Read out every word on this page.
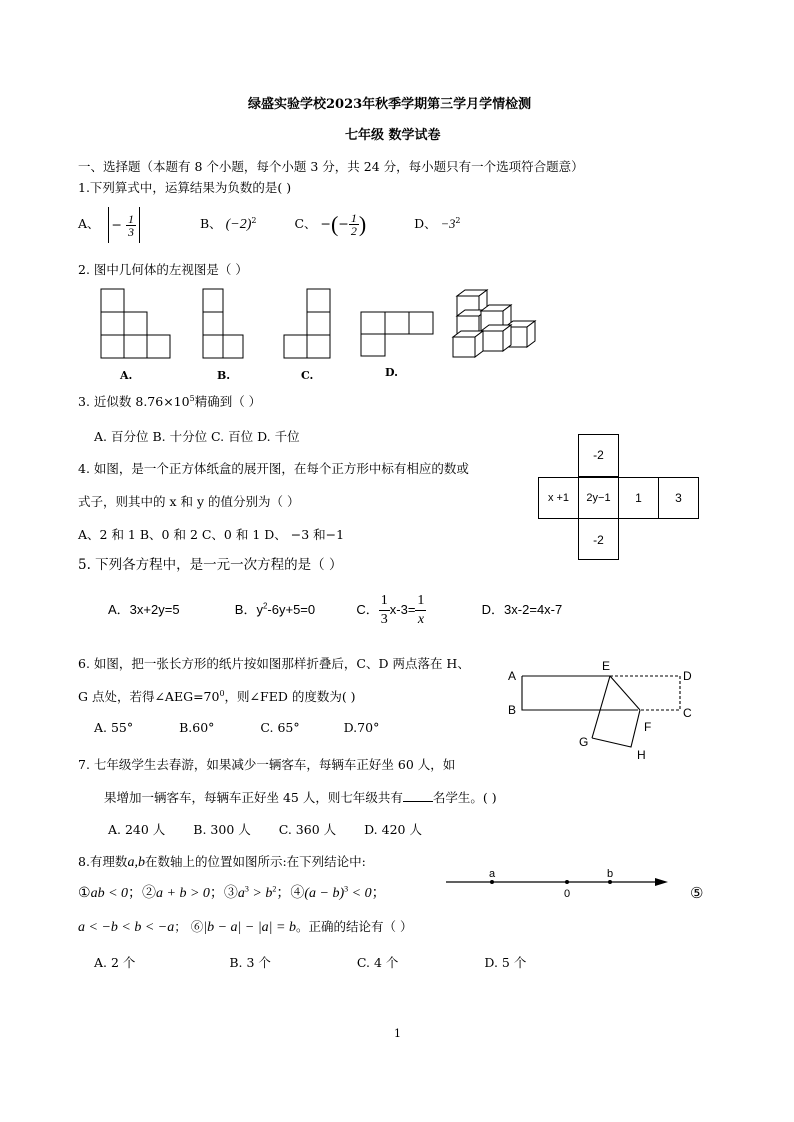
绿盛实验学校2023年秋季学期第三学月学情检测
七年级 数学试卷
一、选择题（本题有 8 个小题，每个小题 3 分，共 24 分，每小题只有一个选项符合题意）
1.下列算式中，运算结果为负数的是( )
A、 − $\frac{1}{3}$	B、 $(-2)^2$	C、 −(− $\frac{1}{2}$ )	D、 $-3^2$
2. 图中几何体的左视图是（ ）
A.	B.	C.	D.
3. 近似数 $8.76\times 10^5$精确到（ ）
A. 百分位 B. 十分位 C. 百位 D. 千位
4. 如图，是一个正方体纸盒的展开图，在每个正方形中标有相应的数或
式子，则其中的 x 和 y 的值分别为（ ）
A、2 和 1 B、0 和 2 C、0 和 1 D、 −3 和−1
-2
x +1	2y−1	1	3
-2
5. 下列各方程中，是一元一次方程的是（ ）
A．3x+2y=5	B．$y^2-6y+5=0$	C． $\frac{1}{3} x-3= \frac{1}{x}$	D．3x-2=4x-7
6. 如图，把一张长方形的纸片按如图那样折叠后，C、D 两点落在 H、
G 点处，若得$\angle AEG=70^0$，则∠FED 的度数为( )
A. 55°	B.60°	C. 65°	D.70°
A
B
E
D
C
F
G
H
7. 七年级学生去春游，如果减少一辆客车，每辆车正好坐 60 人，如
果增加一辆客车，每辆车正好坐 45 人，则七年级共有 名学生。( )
A. 240 人 B. 300 人 C. 360 人 D. 420 人
8.有理数a,b在数轴上的位置如图所示:在下列结论中:
①ab < 0；②a + b > 0；$③a^3 > b^2$；④(a − b)$^3$ < 0；	⑤
a
0
b
a < −b < b < −a； ⑥|b − a| − |a| = b。正确的结论有（ ）
A. 2 个	B. 3 个	C. 4 个	D. 5 个
1
